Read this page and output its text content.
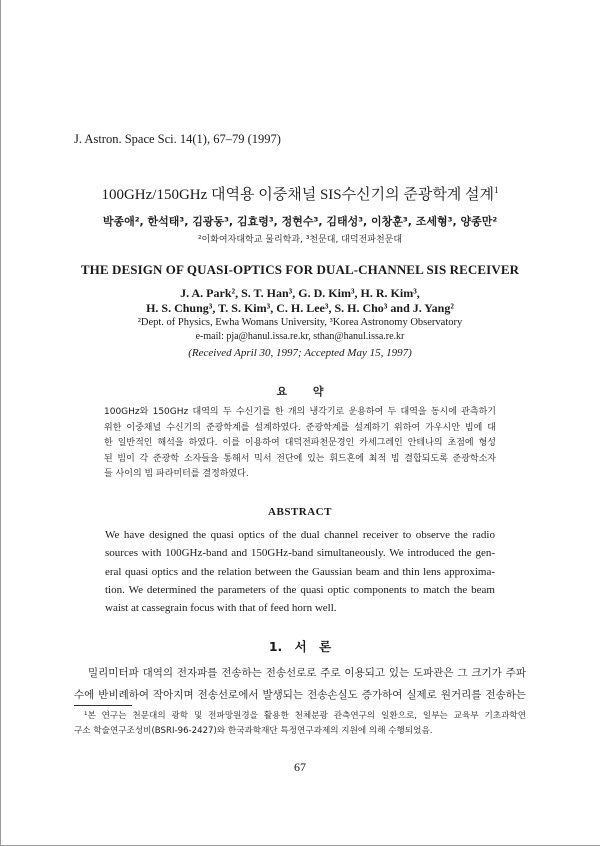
J. Astron. Space Sci. 14(1), 67–79 (1997)
100GHz/150GHz 대역용 이중채널 SIS수신기의 준광학계 설계$^1$
박종애², 한석태³, 김광동³, 김효령³, 정현수³, 김태성³, 이창훈³, 조세형³, 양종만²
²이화여자대학교 물리학과, ³천문대, 대덕전파천문대
THE DESIGN OF QUASI-OPTICS FOR DUAL-CHANNEL SIS RECEIVER
J. A. Park², S. T. Han³, G. D. Kim³, H. R. Kim³,
H. S. Chung³, T. S. Kim³, C. H. Lee³, S. H. Cho³ and J. Yang²
²Dept. of Physics, Ewha Womans University, ³Korea Astronomy Observatory
e-mail: pja@hanul.issa.re.kr, sthan@hanul.issa.re.kr
(Received April 30, 1997; Accepted May 15, 1997)
요 약
100GHz와 150GHz 대역의 두 수신기를 한 개의 냉각기로 운용하여 두 대역을 동시에 관측하기
위한 이중채널 수신기의 준광학계를 설계하였다. 준광학계를 설계하기 위하여 가우시안 빔에 대
한 일반적인 해석을 하였다. 이를 이용하여 대덕전파천문경인 카세그레인 안테나의 초점에 형성
된 빔이 각 준광학 소자들을 통해서 믹서 전단에 있는 휘드혼에 최적 빔 결합되도록 준광학소자
들 사이의 빔 파라미터를 결정하였다.
ABSTRACT
We have designed the quasi optics of the dual channel receiver to observe the radio
sources with 100GHz-band and 150GHz-band simultaneously. We introduced the gen-
eral quasi optics and the relation between the Gaussian beam and thin lens approxima-
tion. We determined the parameters of the quasi optic components to match the beam
waist at cassegrain focus with that of feed horn well.
1. 서 론
밀리미터파 대역의 전자파를 전송하는 전송선로로 주로 이용되고 있는 도파관은 그 크기가 주파
수에 반비례하여 작아지며 전송선로에서 발생되는 전송손실도 증가하여 실제로 원거리를 전송하는
¹본 연구는 천문대의 광학 및 전파망원경을 활용한 천체분광 관측연구의 일환으로, 일부는 교육부 기초과학연
구소 학술연구조성비(BSRI-96-2427)와 한국과학재단 특정연구과제의 지원에 의해 수행되었음.
67
